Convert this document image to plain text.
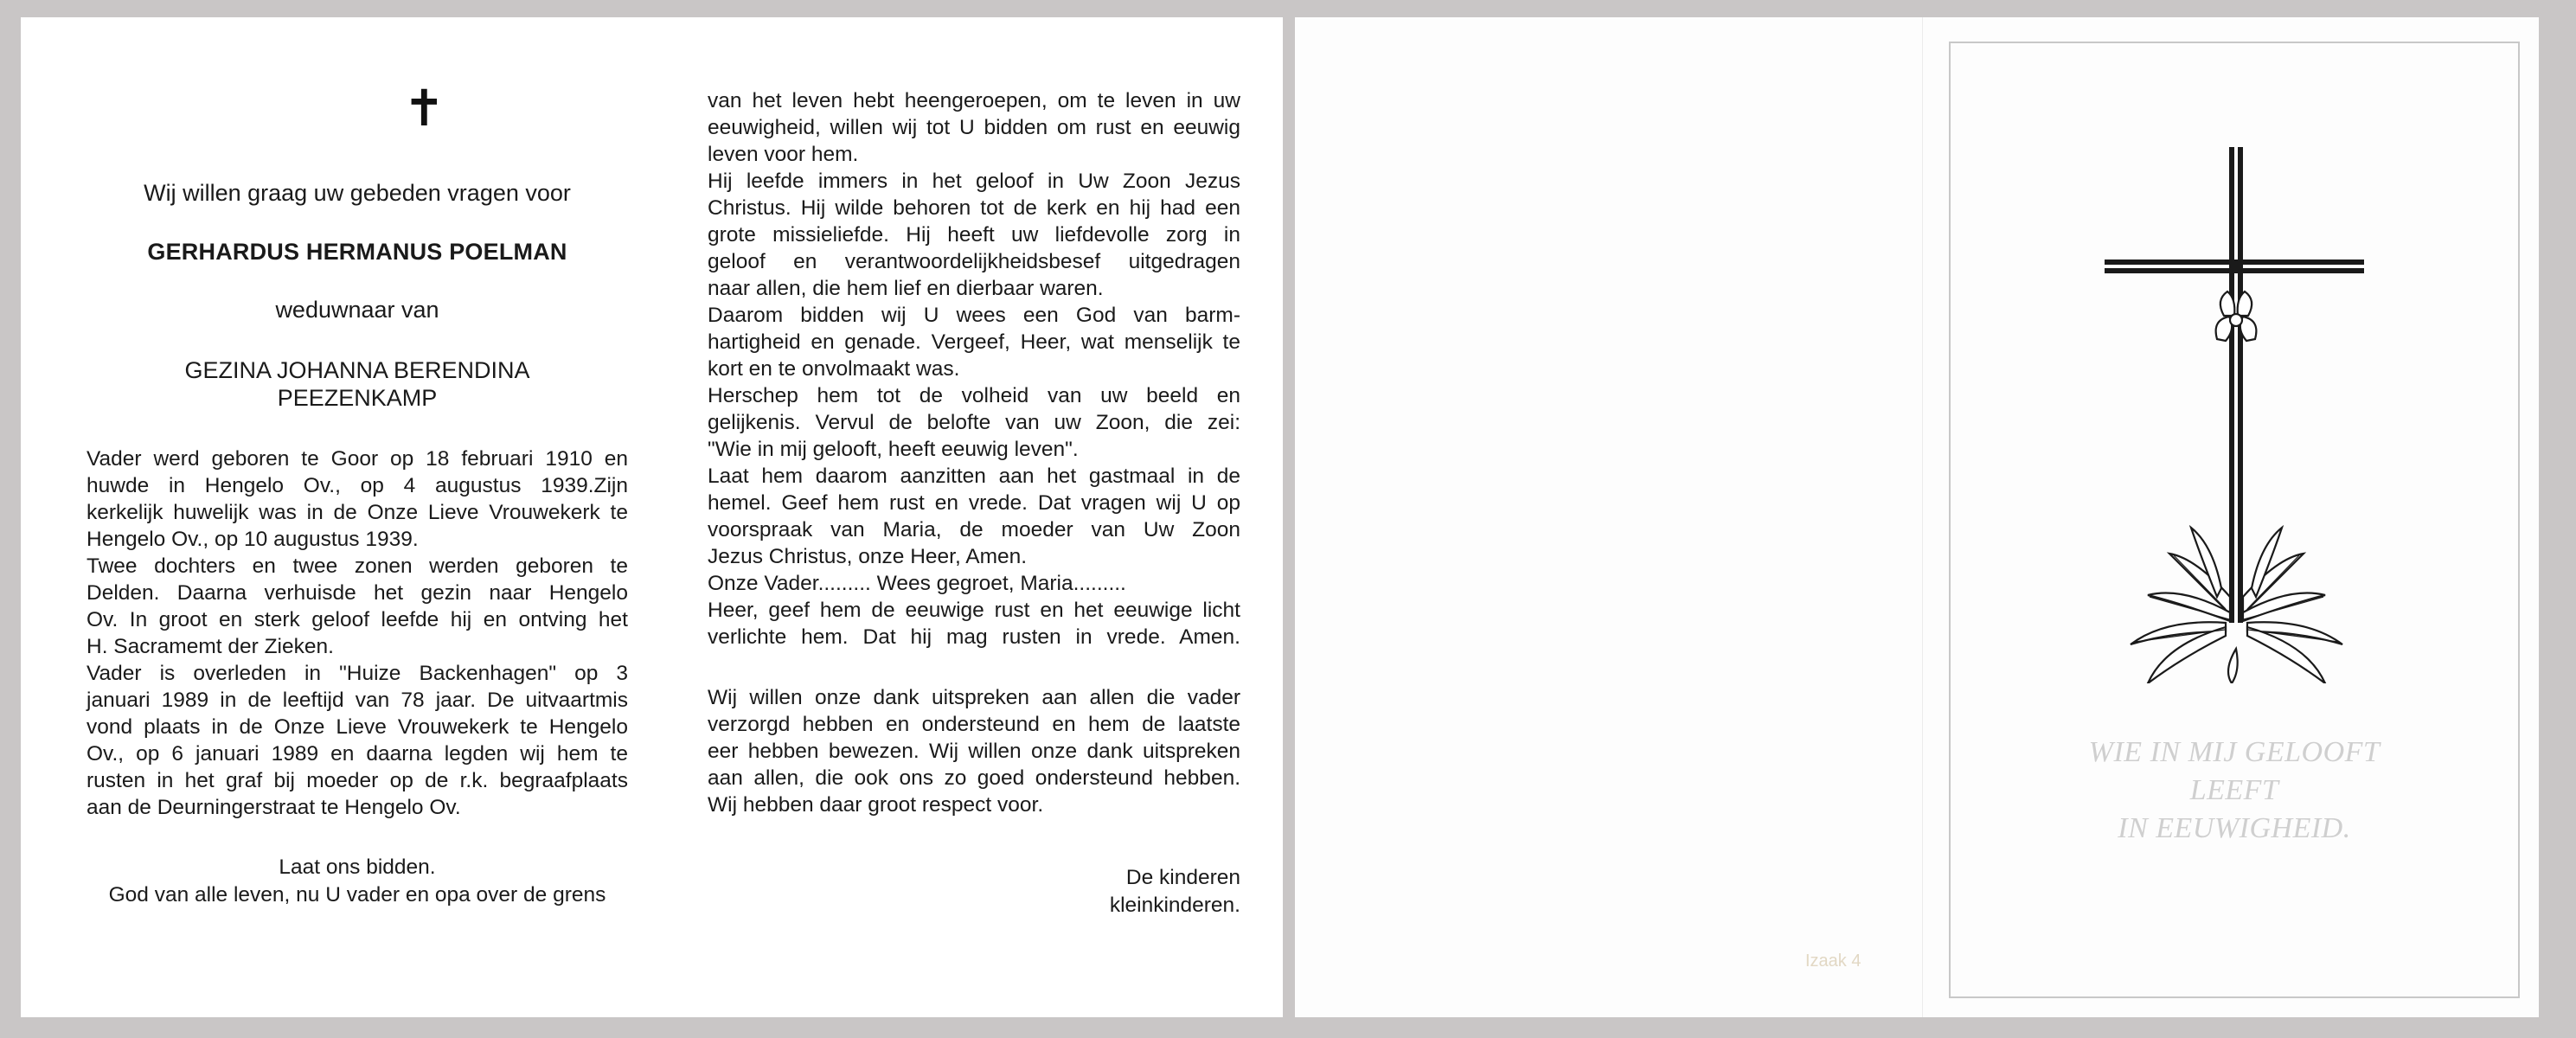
✝
Wij willen graag uw gebeden vragen voor
GERHARDUS HERMANUS POELMAN
weduwnaar van
GEZINA JOHANNA BERENDINA
PEEZENKAMP
Vader werd geboren te Goor op 18 februari 1910 en
huwde in Hengelo Ov., op 4 augustus 1939.Zijn
kerkelijk huwelijk was in de Onze Lieve Vrouwekerk te
Hengelo Ov., op 10 augustus 1939.
Twee dochters en twee zonen werden geboren te
Delden. Daarna verhuisde het gezin naar Hengelo
Ov. In groot en sterk geloof leefde hij en ontving het
H. Sacramemt der Zieken.
Vader is overleden in "Huize Backenhagen" op 3
januari 1989 in de leeftijd van 78 jaar. De uitvaartmis
vond plaats in de Onze Lieve Vrouwekerk te Hengelo
Ov., op 6 januari 1989 en daarna legden wij hem te
rusten in het graf bij moeder op de r.k. begraafplaats
aan de Deurningerstraat te Hengelo Ov.
Laat ons bidden.
God van alle leven, nu U vader en opa over de grens
van het leven hebt heengeroepen, om te leven in uw
eeuwigheid, willen wij tot U bidden om rust en eeuwig
leven voor hem.
Hij leefde immers in het geloof in Uw Zoon Jezus
Christus. Hij wilde behoren tot de kerk en hij had een
grote missieliefde. Hij heeft uw liefdevolle zorg in
geloof en verantwoordelijkheidsbesef uitgedragen
naar allen, die hem lief en dierbaar waren.
Daarom bidden wij U wees een God van barm-
hartigheid en genade. Vergeef, Heer, wat menselijk te
kort en te onvolmaakt was.
Herschep hem tot de volheid van uw beeld en
gelijkenis. Vervul de belofte van uw Zoon, die zei:
"Wie in mij gelooft, heeft eeuwig leven".
Laat hem daarom aanzitten aan het gastmaal in de
hemel. Geef hem rust en vrede. Dat vragen wij U op
voorspraak van Maria, de moeder van Uw Zoon
Jezus Christus, onze Heer, Amen.
Onze Vader......... Wees gegroet, Maria.........
Heer, geef hem de eeuwige rust en het eeuwige licht
verlichte hem. Dat hij mag rusten in vrede. Amen.
Wij willen onze dank uitspreken aan allen die vader
verzorgd hebben en ondersteund en hem de laatste
eer hebben bewezen. Wij willen onze dank uitspreken
aan allen, die ook ons zo goed ondersteund hebben.
Wij hebben daar groot respect voor.
De kinderen
kleinkinderen.
WIE IN MIJ GELOOFT
LEEFT
IN EEUWIGHEID.
Izaak 4
